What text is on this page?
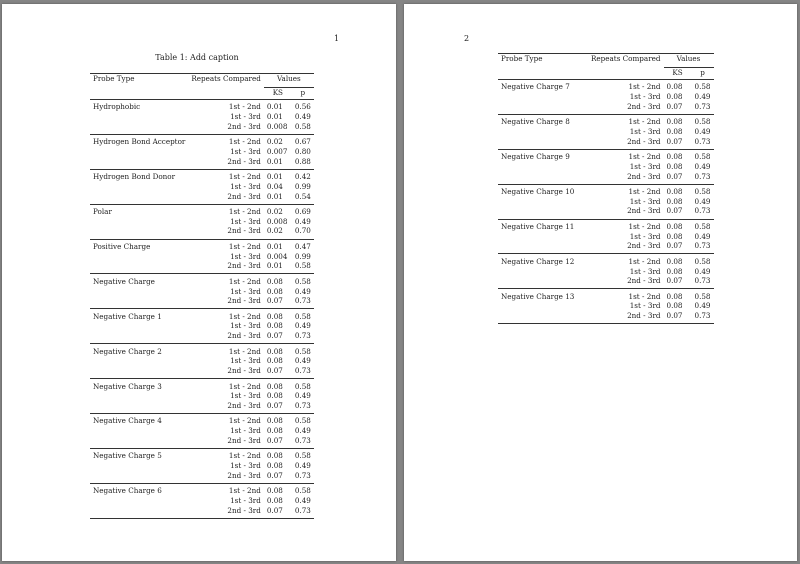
1
Table 1: Add caption
Probe Type	Repeats Compared	Values	
		KS	p
Hydrophobic	1st - 2nd	0.01	0.56
	1st - 3rd	0.01	0.49
	2nd - 3rd	0.008	0.58
Hydrogen Bond Acceptor	1st - 2nd	0.02	0.67
	1st - 3rd	0.007	0.80
	2nd - 3rd	0.01	0.88
Hydrogen Bond Donor	1st - 2nd	0.01	0.42
	1st - 3rd	0.04	0.99
	2nd - 3rd	0.01	0.54
Polar	1st - 2nd	0.02	0.69
	1st - 3rd	0.008	0.49
	2nd - 3rd	0.02	0.70
Positive Charge	1st - 2nd	0.01	0.47
	1st - 3rd	0.004	0.99
	2nd - 3rd	0.01	0.58
Negative Charge	1st - 2nd	0.08	0.58
	1st - 3rd	0.08	0.49
	2nd - 3rd	0.07	0.73
Negative Charge 1	1st - 2nd	0.08	0.58
	1st - 3rd	0.08	0.49
	2nd - 3rd	0.07	0.73
Negative Charge 2	1st - 2nd	0.08	0.58
	1st - 3rd	0.08	0.49
	2nd - 3rd	0.07	0.73
Negative Charge 3	1st - 2nd	0.08	0.58
	1st - 3rd	0.08	0.49
	2nd - 3rd	0.07	0.73
Negative Charge 4	1st - 2nd	0.08	0.58
	1st - 3rd	0.08	0.49
	2nd - 3rd	0.07	0.73
Negative Charge 5	1st - 2nd	0.08	0.58
	1st - 3rd	0.08	0.49
	2nd - 3rd	0.07	0.73
Negative Charge 6	1st - 2nd	0.08	0.58
	1st - 3rd	0.08	0.49
	2nd - 3rd	0.07	0.73
2
Probe Type	Repeats Compared	Values	
		KS	p
Negative Charge 7	1st - 2nd	0.08	0.58
	1st - 3rd	0.08	0.49
	2nd - 3rd	0.07	0.73
Negative Charge 8	1st - 2nd	0.08	0.58
	1st - 3rd	0.08	0.49
	2nd - 3rd	0.07	0.73
Negative Charge 9	1st - 2nd	0.08	0.58
	1st - 3rd	0.08	0.49
	2nd - 3rd	0.07	0.73
Negative Charge 10	1st - 2nd	0.08	0.58
	1st - 3rd	0.08	0.49
	2nd - 3rd	0.07	0.73
Negative Charge 11	1st - 2nd	0.08	0.58
	1st - 3rd	0.08	0.49
	2nd - 3rd	0.07	0.73
Negative Charge 12	1st - 2nd	0.08	0.58
	1st - 3rd	0.08	0.49
	2nd - 3rd	0.07	0.73
Negative Charge 13	1st - 2nd	0.08	0.58
	1st - 3rd	0.08	0.49
	2nd - 3rd	0.07	0.73
